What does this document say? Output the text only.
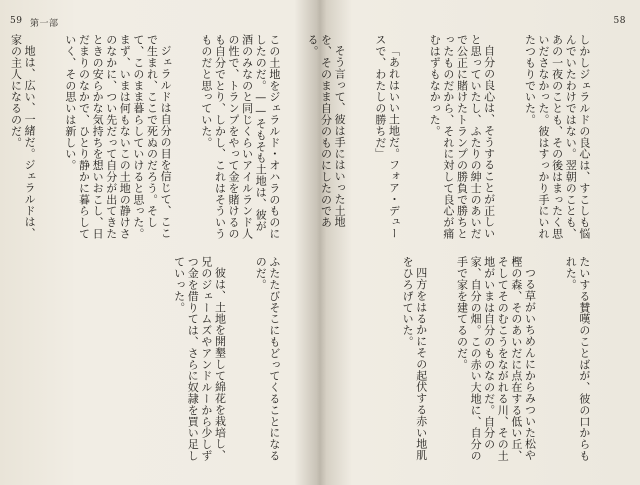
59 第一部

この土地をジェラルド・オハラのものにしたのだ。——そもそも土地は、彼が酒のみなのと同じくらいアイルランド人の性で、トランプをやって金を賭けるのも自分でとり、しかし、これはそういうものだと思っていた。

ジェラルドは自分の目を信じて、ここで生まれ、ここで死ぬのだろう。そして、このまま暮らしていけると思った。まず、いまは何もないこの土地の静けさのなかに、つい先だって自分が出てきたときの安らかな気持ちを想いおこし、日だまりのなかで、ひとり静かに暮らしていく、その思いは新しい。

地は、広い、一緒だ。ジェラルドは、家の主人になるのだ。

ふたたびそこにもどってくることになるのだ。

彼は、土地を開墾して綿花を栽培し、兄のジェームズやアンドルーから少しずつ金を借りては、さらに奴隷を買い足していった。

58

しかしジェラルドの良心は、すこしも悩んでいたわけではない。翌朝のことも、あの一夜のことも、その後はまったく思いださなかった。彼はすっかり手にいれたつもりでいた。

自分の良心は、そうすることが正しいと思っていたし、ふたりの紳士のあいだで公正に賭けたトランプの勝負で勝ちとったものだから、それに対して良心が痛むはずもなかった。

「あれはいい土地だ。フォア・デュースで、わたしの勝ちだ」

そう言って、彼は手にはいった土地を、そのまま自分のものにしたのである。

たいする賛嘆のことばが、彼の口からもれた。

つる草がいちめんにからみついた松や樫の森、そのあいだに点在する低い丘、そしてそのむこうをながれる川、その土地がいまは自分のものなのだ。自分の家、自分の畑。この赤い大地に、自分の手で家を建てるのだ。

四方をはるかにその起伏する赤い地肌をひろげていた。
